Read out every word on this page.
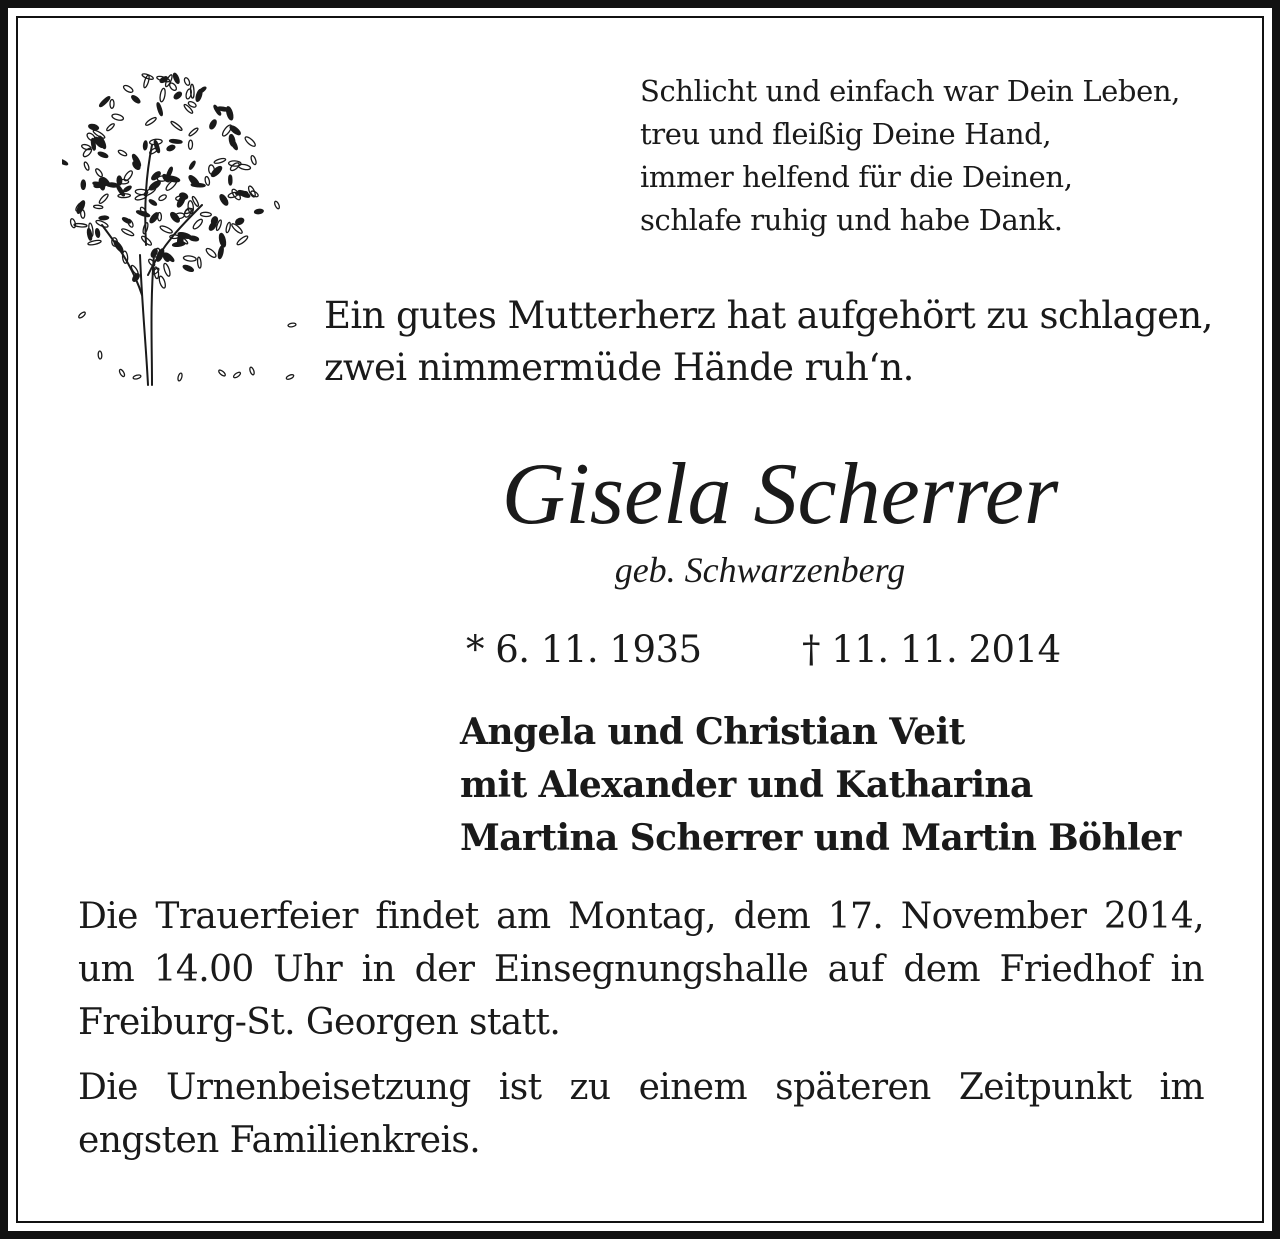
Schlicht und einfach war Dein Leben,
treu und fleißig Deine Hand,
immer helfend für die Deinen,
schlafe ruhig und habe Dank.
Ein gutes Mutterherz hat aufgehört zu schlagen,
zwei nimmermüde Hände ruh‘n.
Gisela Scherrer
geb. Schwarzenberg
* 6. 11. 1935	† 11. 11. 2014
Angela und Christian Veit
mit Alexander und Katharina
Martina Scherrer und Martin Böhler

Die Trauerfeier findet am Montag, dem 17. November 2014, um 14.00 Uhr in der Einsegnungshalle auf dem Friedhof in Freiburg-St. Georgen statt.

Die Urnenbeisetzung ist zu einem späteren Zeitpunkt im engsten Familienkreis.
